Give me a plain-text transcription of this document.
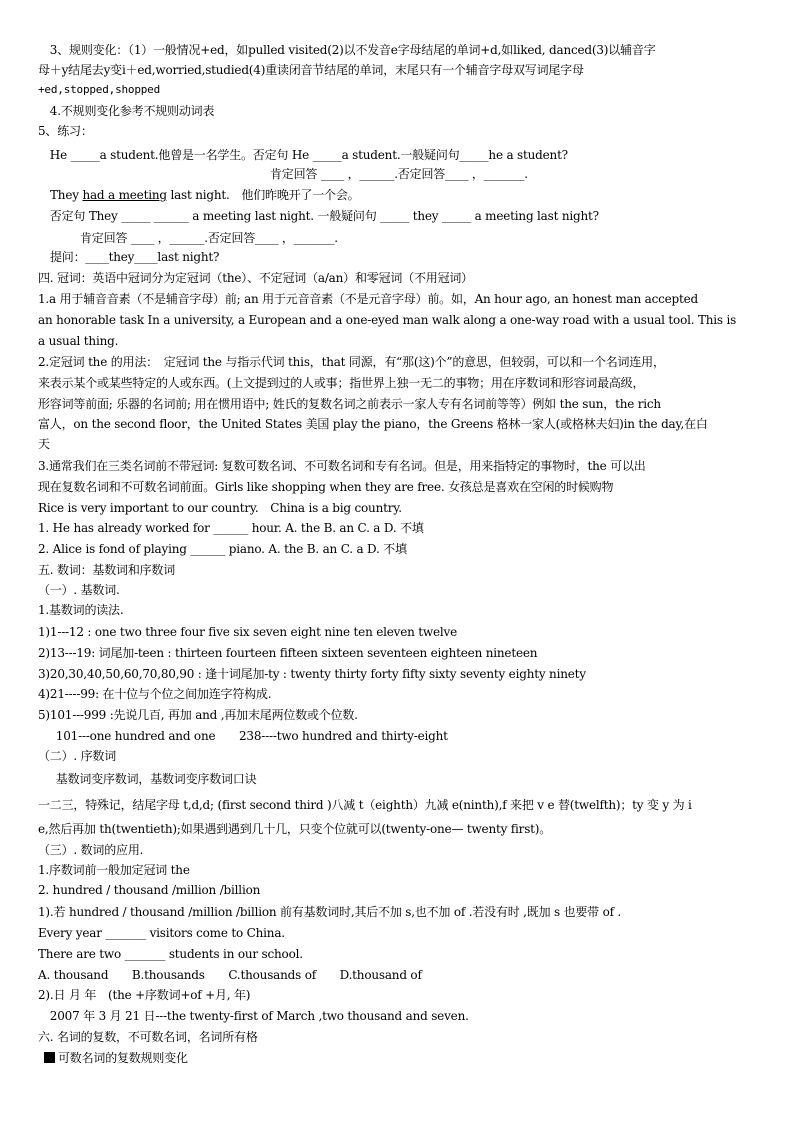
　3、规则变化：（1）一般情况+ed，如pulled visited(2)以不发音e字母结尾的单词+d,如liked, danced(3)以辅音字
母＋y结尾去y变i＋ed,worried,studied(4)重读闭音节结尾的单词，末尾只有一个辅音字母双写词尾字母
+ed,stopped,shopped
　4.不规则变化参考不规则动词表
5、练习：
　He _____a student.他曾是一名学生。否定句 He _____a student.一般疑问句_____he a student?
肯定回答 ____ ，______.否定回答____ ，_______.
They had a meeting last night.　他们昨晚开了一个会。
　否定句 They _____ ______ a meeting last night. 一般疑问句 _____ they _____ a meeting last night?
肯定回答 ____ ，______.否定回答____ ，_______.
提问：____they____last night?
四. 冠词：英语中冠词分为定冠词（the）、不定冠词（a/an）和零冠词（不用冠词）
1.a 用于辅音音素（不是辅音字母）前; an 用于元音音素（不是元音字母）前。如，An hour ago, an honest man accepted
an honorable task In a university, a European and a one-eyed man walk along a one-way road with a usual tool. This is
a usual thing.
2.定冠词 the 的用法：　定冠词 the 与指示代词 this，that 同源，有“那(这)个”的意思，但较弱，可以和一个名词连用，
来表示某个或某些特定的人或东西。(上文提到过的人或事；指世界上独一无二的事物；用在序数词和形容词最高级，
形容词等前面; 乐器的名词前; 用在惯用语中; 姓氏的复数名词之前表示一家人专有名词前等等）例如 the sun，the rich
富人，on the second floor，the United States 美国 play the piano，the Greens 格林一家人(或格林夫妇)in the day,在白
天
3.通常我们在三类名词前不带冠词: 复数可数名词、不可数名词和专有名词。但是，用来指特定的事物时，the 可以出
现在复数名词和不可数名词前面。Girls like shopping when they are free. 女孩总是喜欢在空闲的时候购物
Rice is very important to our country.　China is a big country.
1. He has already worked for ______ hour. A. the B. an C. a D. 不填
2. Alice is fond of playing ______ piano. A. the B. an C. a D. 不填
五. 数词：基数词和序数词
（一）. 基数词.
1.基数词的读法.
1)1---12 : one two three four five six seven eight nine ten eleven twelve
2)13---19: 词尾加-teen : thirteen fourteen fifteen sixteen seventeen eighteen nineteen
3)20,30,40,50,60,70,80,90 : 逢十词尾加-ty : twenty thirty forty fifty sixty seventy eighty ninety
4)21----99: 在十位与个位之间加连字符构成.
5)101---999 :先说几百, 再加 and ,再加末尾两位数或个位数.
　101---one hundred and one　　238----two hundred and thirty-eight
（二）. 序数词
　基数词变序数词，基数词变序数词口诀
一二三，特殊记，结尾字母 t,d,d; (first second third )八减 t（eighth）九减 e(ninth),f 来把 v e 替(twelfth)；ty 变 y 为 i
e,然后再加 th(twentieth);如果遇到遇到几十几，只变个位就可以(twenty-one— twenty first)。
（三）. 数词的应用.
1.序数词前一般加定冠词 the
2. hundred / thousand /million /billion
1).若 hundred / thousand /million /billion 前有基数词时,其后不加 s,也不加 of .若没有时 ,既加 s 也要带 of .
Every year _______ visitors come to China.
There are two _______ students in our school.
A. thousand　　B.thousands　　C.thousands of　　D.thousand of
2).日 月 年　(the +序数词+of +月, 年)
　2007 年 3 月 21 日---the twenty-first of March ,two thousand and seven.
六. 名词的复数，不可数名词，名词所有格
可数名词的复数规则变化
